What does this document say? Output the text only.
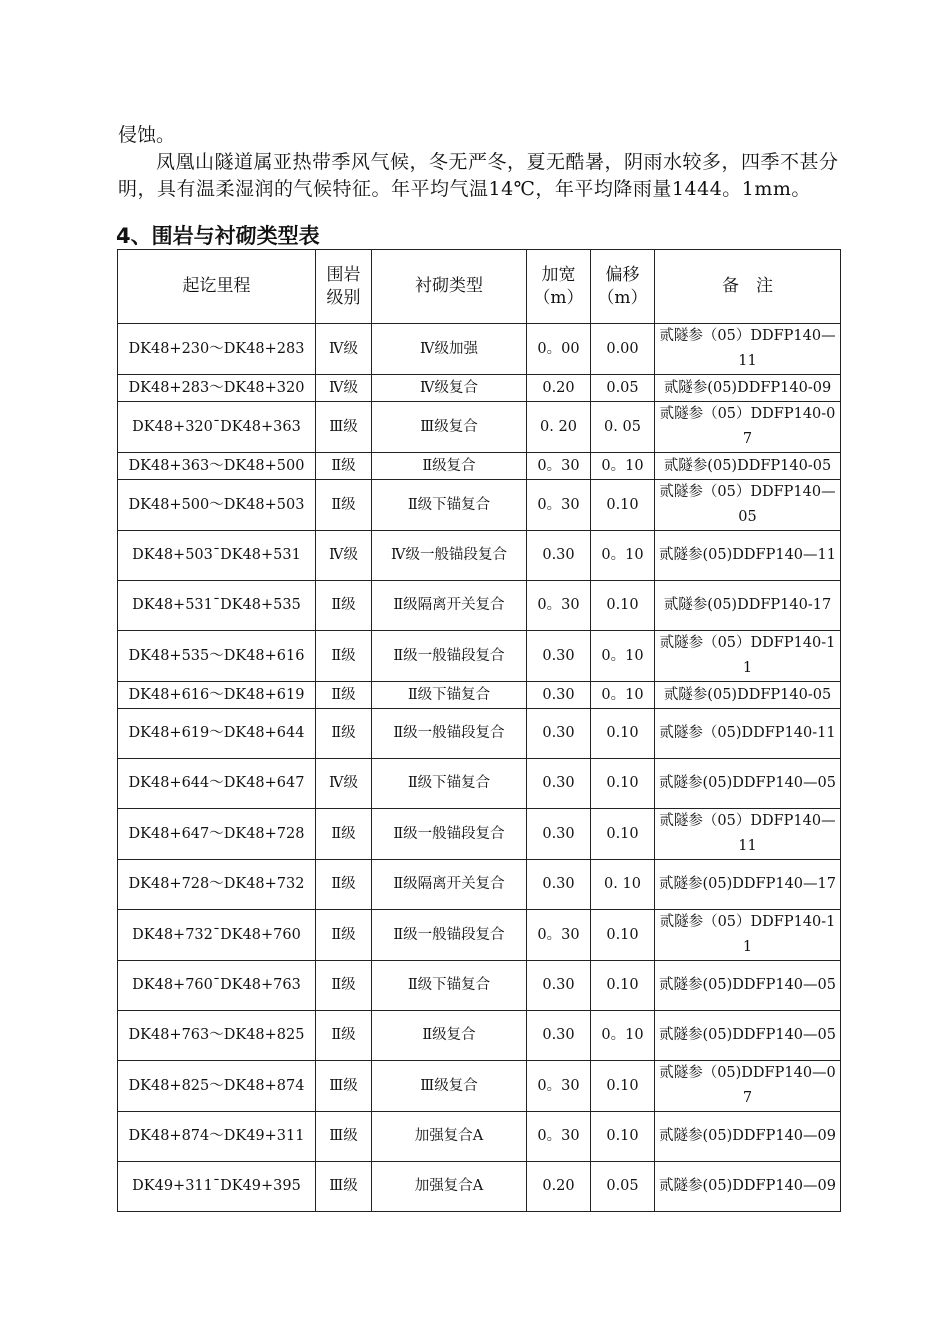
侵蚀。

凤凰山隧道属亚热带季风气候，冬无严冬，夏无酷暑，阴雨水较多，四季不甚分明，具有温柔湿润的气候特征。年平均气温14℃，年平均降雨量1444。1mm。

4、围岩与衬砌类型表
起讫里程	围岩级别	衬砌类型	加宽（m）	偏移（m）	备　注
DK48+230～DK48+283	Ⅳ级	Ⅳ级加强	0。00	0.00	贰隧参（05）DDFP140—11
DK48+283～DK48+320	Ⅳ级	Ⅳ级复合	0.20	0.05	贰隧参(05)DDFP140-09
DK48+320¯DK48+363	Ⅲ级	Ⅲ级复合	0. 20	0. 05	贰隧参（05）DDFP140-07
DK48+363～DK48+500	Ⅱ级	Ⅱ级复合	0。30	0。10	贰隧参(05)DDFP140-05
DK48+500～DK48+503	Ⅱ级	Ⅱ级下锚复合	0。30	0.10	贰隧参（05）DDFP140—05
DK48+503¯DK48+531	Ⅳ级	Ⅳ级一般锚段复合	0.30	0。10	贰隧参(05)DDFP140—11
DK48+531¯DK48+535	Ⅱ级	Ⅱ级隔离开关复合	0。30	0.10	贰隧参(05)DDFP140-17
DK48+535～DK48+616	Ⅱ级	Ⅱ级一般锚段复合	0.30	0。10	贰隧参（05）DDFP140-11
DK48+616～DK48+619	Ⅱ级	Ⅱ级下锚复合	0.30	0。10	贰隧参(05)DDFP140-05
DK48+619～DK48+644	Ⅱ级	Ⅱ级一般锚段复合	0.30	0.10	贰隧参（05)DDFP140-11
DK48+644～DK48+647	Ⅳ级	Ⅱ级下锚复合	0.30	0.10	贰隧参(05)DDFP140—05
DK48+647～DK48+728	Ⅱ级	Ⅱ级一般锚段复合	0.30	0.10	贰隧参（05）DDFP140—11
DK48+728～DK48+732	Ⅱ级	Ⅱ级隔离开关复合	0.30	0. 10	贰隧参(05)DDFP140—17
DK48+732¯DK48+760	Ⅱ级	Ⅱ级一般锚段复合	0。30	0.10	贰隧参（05）DDFP140-11
DK48+760¯DK48+763	Ⅱ级	Ⅱ级下锚复合	0.30	0.10	贰隧参(05)DDFP140—05
DK48+763～DK48+825	Ⅱ级	Ⅱ级复合	0.30	0。10	贰隧参(05)DDFP140—05
DK48+825～DK48+874	Ⅲ级	Ⅲ级复合	0。30	0.10	贰隧参（05)DDFP140—07
DK48+874～DK49+311	Ⅲ级	加强复合A	0。30	0.10	贰隧参(05)DDFP140—09
DK49+311¯DK49+395	Ⅲ级	加强复合A	0.20	0.05	贰隧参(05)DDFP140—09
